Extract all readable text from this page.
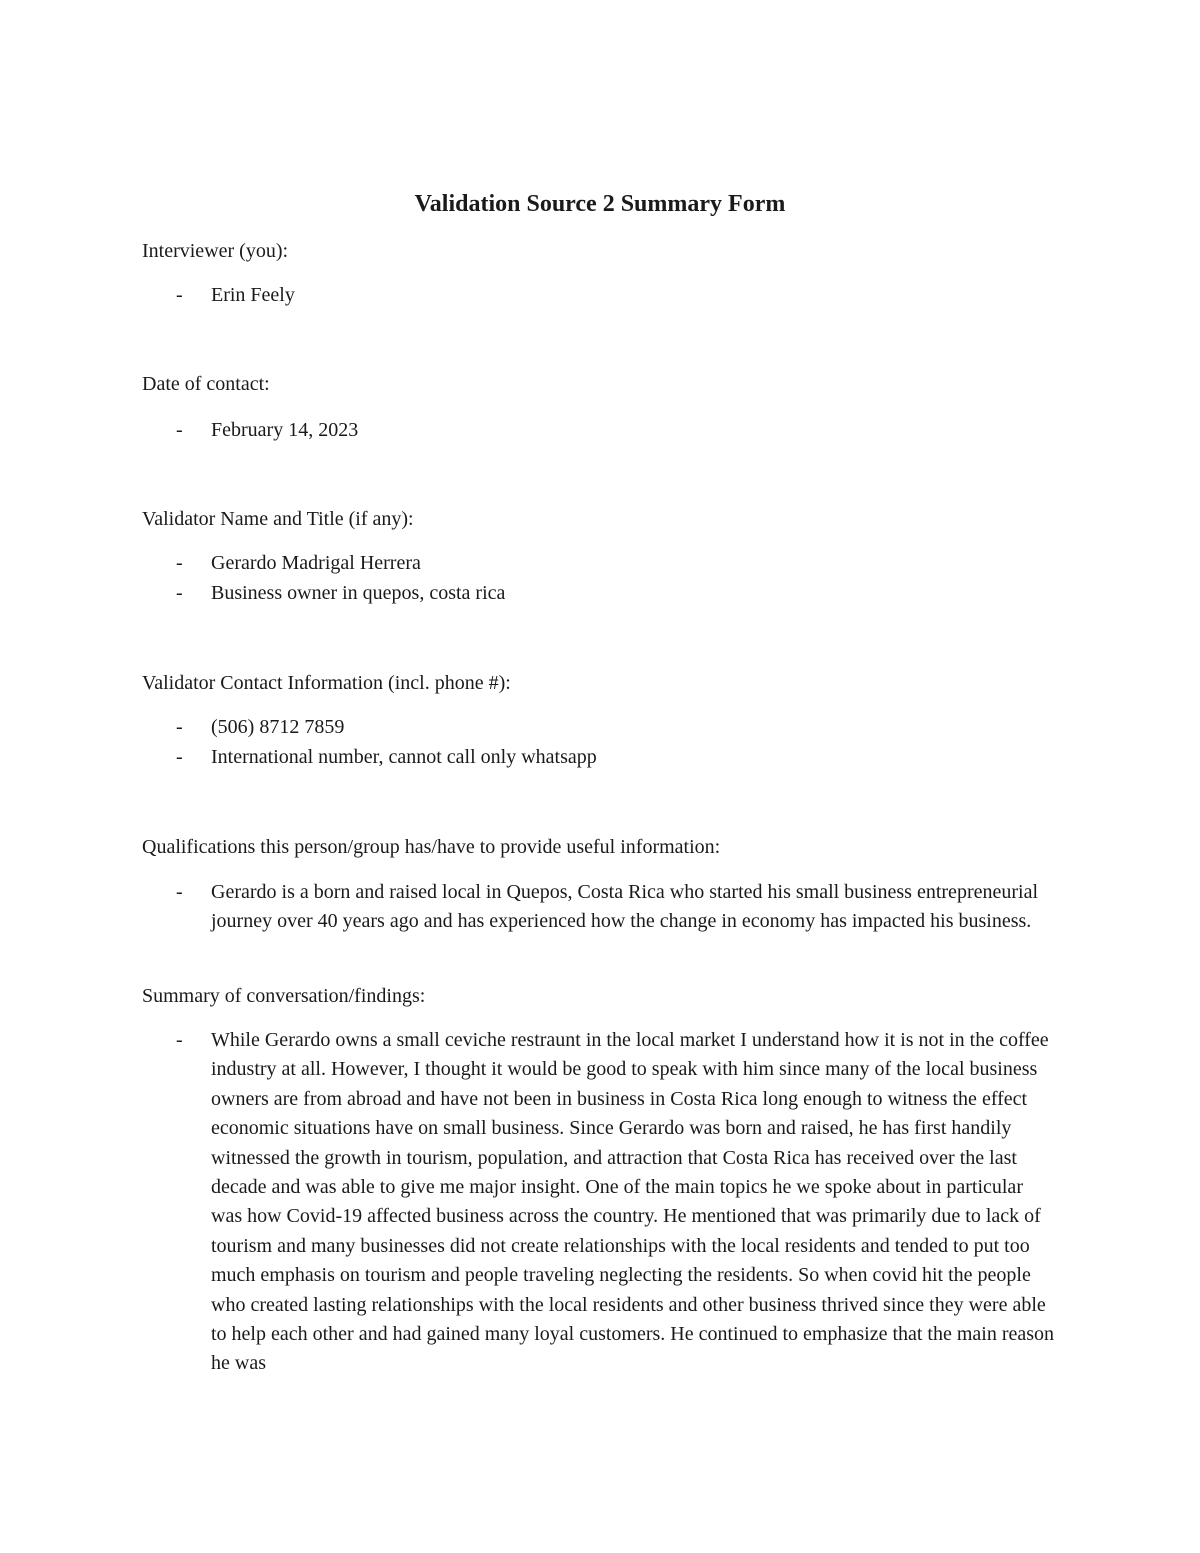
Validation Source 2 Summary Form
Interviewer (you):
- Erin Feely
Date of contact:
- February 14, 2023
Validator Name and Title (if any):
- Gerardo Madrigal Herrera
- Business owner in quepos, costa rica
Validator Contact Information (incl. phone #):
- (506) 8712 7859
- International number, cannot call only whatsapp
Qualifications this person/group has/have to provide useful information:
- Gerardo is a born and raised local in Quepos, Costa Rica who started his small business entrepreneurial journey over 40 years ago and has experienced how the change in economy has impacted his business.
Summary of conversation/findings:
- While Gerardo owns a small ceviche restraunt in the local market I understand how it is not in the coffee industry at all. However, I thought it would be good to speak with him since many of the local business owners are from abroad and have not been in business in Costa Rica long enough to witness the effect economic situations have on small business. Since Gerardo was born and raised, he has first handily witnessed the growth in tourism, population, and attraction that Costa Rica has received over the last decade and was able to give me major insight. One of the main topics he we spoke about in particular was how Covid-19 affected business across the country. He mentioned that was primarily due to lack of tourism and many businesses did not create relationships with the local residents and tended to put too much emphasis on tourism and people traveling neglecting the residents. So when covid hit the people who created lasting relationships with the local residents and other business thrived since they were able to help each other and had gained many loyal customers. He continued to emphasize that the main reason he was
